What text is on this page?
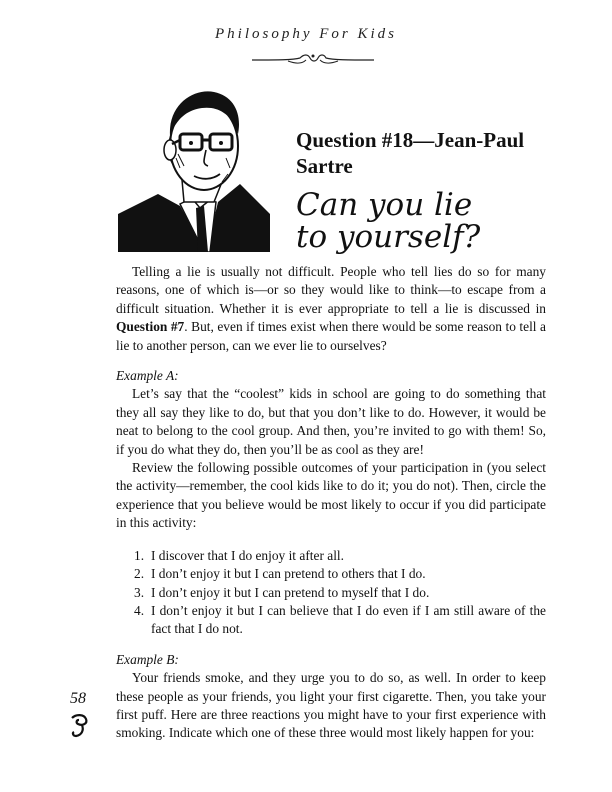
Philosophy For Kids
Question #18—Jean-Paul Sartre
Can you lie
to yourself?

Telling a lie is usually not difficult. People who tell lies do so for many reasons, one of which is—or so they would like to think—to escape from a difficult situation. Whether it is ever appropriate to tell a lie is discussed in Question #7. But, even if times exist when there would be some reason to tell a lie to another person, can we ever lie to ourselves?

Example A:

Let’s say that the “coolest” kids in school are going to do something that they all say they like to do, but that you don’t like to do. However, it would be neat to belong to the cool group. And then, you’re invited to go with them! So, if you do what they do, then you’ll be as cool as they are!

Review the following possible outcomes of your participation in (you select the activity—remember, the cool kids like to do it; you do not). Then, circle the experience that you believe would be most likely to occur if you did participate in this activity:

1. I discover that I do enjoy it after all.
2. I don’t enjoy it but I can pretend to others that I do.
3. I don’t enjoy it but I can pretend to myself that I do.
4. I don’t enjoy it but I can believe that I do even if I am still aware of the fact that I do not.

Example B:

Your friends smoke, and they urge you to do so, as well. In order to keep these people as your friends, you light your first cigarette. Then, you take your first puff. Here are three reactions you might have to your first experience with smoking. Indicate which one of these three would most likely happen for you:

58
